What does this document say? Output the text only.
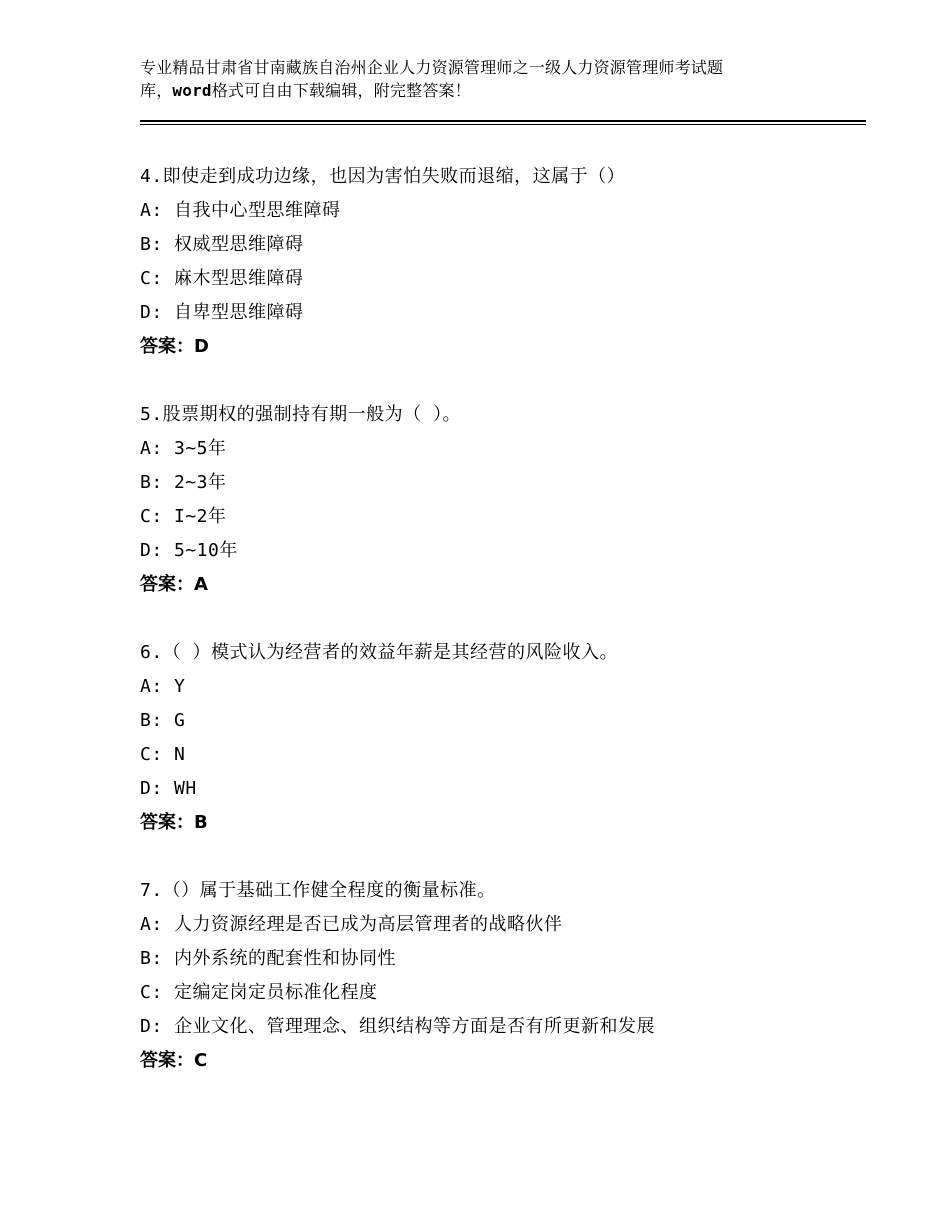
专业精品甘肃省甘南藏族自治州企业人力资源管理师之一级人力资源管理师考试题
库，word格式可自由下载编辑，附完整答案！
4.即使走到成功边缘，也因为害怕失败而退缩，这属于（）
A: 自我中心型思维障碍
B: 权威型思维障碍
C: 麻木型思维障碍
D: 自卑型思维障碍
答案：D
5.股票期权的强制持有期一般为（ ）。
A: 3~5年
B: 2~3年
C: I~2年
D: 5~10年
答案：A
6.（ ）模式认为经营者的效益年薪是其经营的风险收入。
A: Y
B: G
C: N
D: WH
答案：B
7.（）属于基础工作健全程度的衡量标准。
A: 人力资源经理是否已成为高层管理者的战略伙伴
B: 内外系统的配套性和协同性
C: 定编定岗定员标准化程度
D: 企业文化、管理理念、组织结构等方面是否有所更新和发展
答案：C
